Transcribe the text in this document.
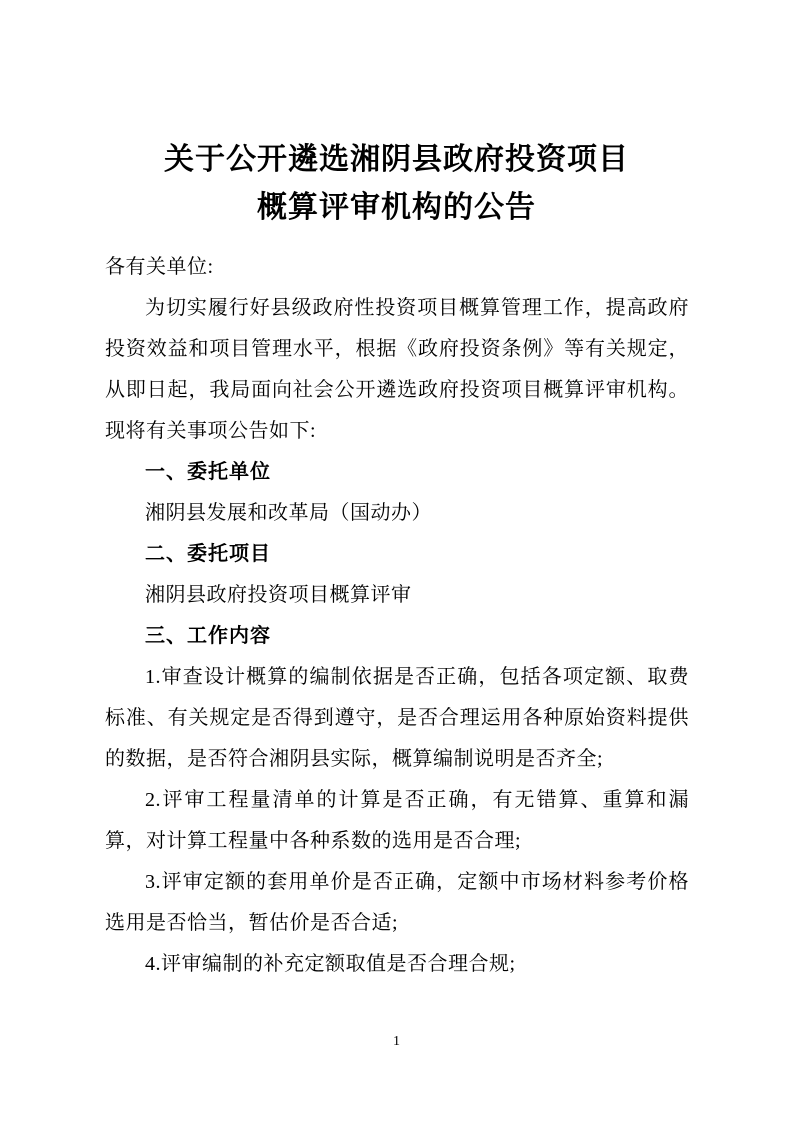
关于公开遴选湘阴县政府投资项目
概算评审机构的公告

各有关单位:

为切实履行好县级政府性投资项目概算管理工作，提高政府投资效益和项目管理水平，根据《政府投资条例》等有关规定，从即日起，我局面向社会公开遴选政府投资项目概算评审机构。现将有关事项公告如下:

一、委托单位

湘阴县发展和改革局（国动办）

二、委托项目

湘阴县政府投资项目概算评审

三、工作内容

1.审查设计概算的编制依据是否正确，包括各项定额、取费标准、有关规定是否得到遵守，是否合理运用各种原始资料提供的数据，是否符合湘阴县实际，概算编制说明是否齐全;

2.评审工程量清单的计算是否正确，有无错算、重算和漏算，对计算工程量中各种系数的选用是否合理;

3.评审定额的套用单价是否正确，定额中市场材料参考价格选用是否恰当，暂估价是否合适;

4.评审编制的补充定额取值是否合理合规;

1
